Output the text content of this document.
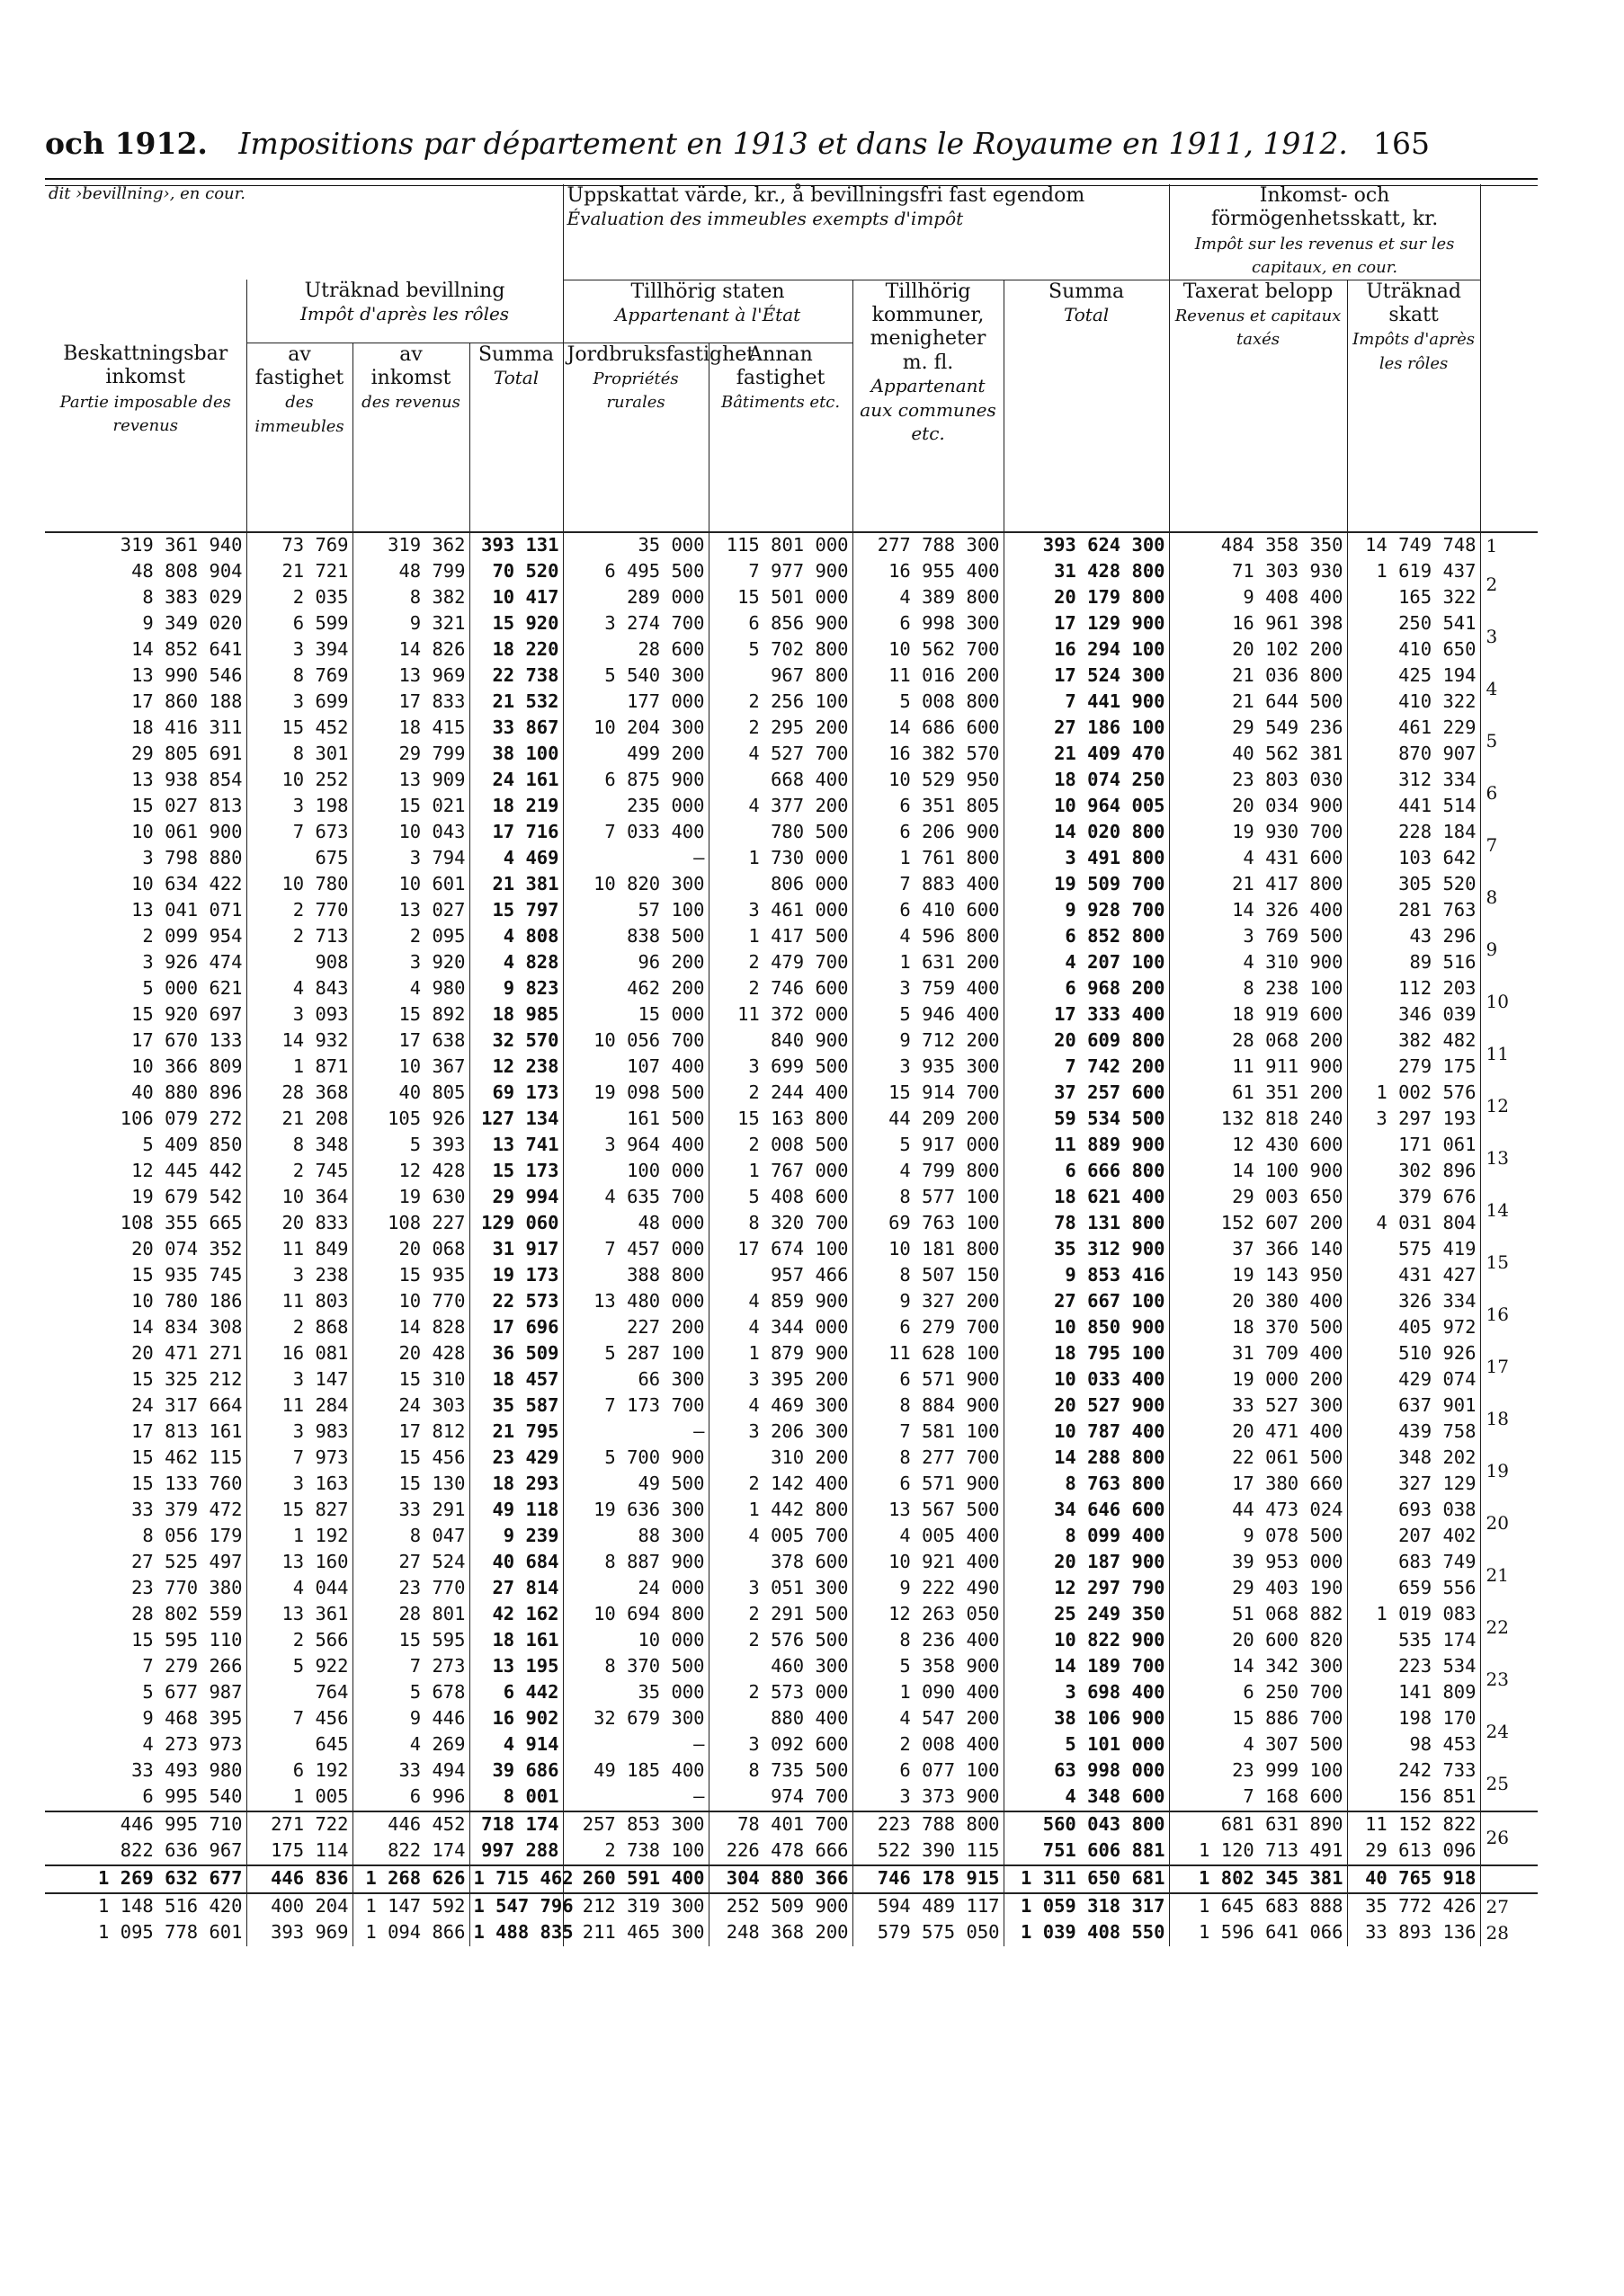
och 1912. Impositions par département en 1913 et dans le Royaume en 1911, 1912. 165
dit ›bevillning›, en cour.				Uppskattat värde, kr., å bevillningsfri fast egendom
Évaluation des immeubles exempts d'impôt				Inkomst- och förmögenhetsskatt, kr.
Impôt sur les revenus et sur les capitaux, en cour.		
	Uträknad bevillning
Impôt d'après les rôles			Tillhörig staten
Appartenant à l'État		Tillhörig kommuner, menigheter m. fl.
Appartenant aux communes etc.	Summa
Total	Taxerat belopp
Revenus et capitaux taxés	Uträknad skatt
Impôts d'après les rôles	
Beskattningsbar inkomst
Partie imposable des revenus	av fastighet
des immeubles	av inkomst
des revenus	Summa
Total	Jordbruksfastighet
Propriétés rurales	Annan fastighet
Bâtiments etc.					
319 361 940	73 769	319 362	393 131	35 000	115 801 000	277 788 300	393 624 300	484 358 350	14 749 748	1
48 808 904	21 721	48 799	70 520	6 495 500	7 977 900	16 955 400	31 428 800	71 303 930	1 619 437	2
8 383 029	2 035	8 382	10 417	289 000	15 501 000	4 389 800	20 179 800	9 408 400	165 322	
9 349 020	6 599	9 321	15 920	3 274 700	6 856 900	6 998 300	17 129 900	16 961 398	250 541	3
14 852 641	3 394	14 826	18 220	28 600	5 702 800	10 562 700	16 294 100	20 102 200	410 650	
13 990 546	8 769	13 969	22 738	5 540 300	967 800	11 016 200	17 524 300	21 036 800	425 194	4
17 860 188	3 699	17 833	21 532	177 000	2 256 100	5 008 800	7 441 900	21 644 500	410 322	
18 416 311	15 452	18 415	33 867	10 204 300	2 295 200	14 686 600	27 186 100	29 549 236	461 229	5
29 805 691	8 301	29 799	38 100	499 200	4 527 700	16 382 570	21 409 470	40 562 381	870 907	
13 938 854	10 252	13 909	24 161	6 875 900	668 400	10 529 950	18 074 250	23 803 030	312 334	6
15 027 813	3 198	15 021	18 219	235 000	4 377 200	6 351 805	10 964 005	20 034 900	441 514	
10 061 900	7 673	10 043	17 716	7 033 400	780 500	6 206 900	14 020 800	19 930 700	228 184	7
3 798 880	675	3 794	4 469	—	1 730 000	1 761 800	3 491 800	4 431 600	103 642	
10 634 422	10 780	10 601	21 381	10 820 300	806 000	7 883 400	19 509 700	21 417 800	305 520	8
13 041 071	2 770	13 027	15 797	57 100	3 461 000	6 410 600	9 928 700	14 326 400	281 763	
2 099 954	2 713	2 095	4 808	838 500	1 417 500	4 596 800	6 852 800	3 769 500	43 296	9
3 926 474	908	3 920	4 828	96 200	2 479 700	1 631 200	4 207 100	4 310 900	89 516	
5 000 621	4 843	4 980	9 823	462 200	2 746 600	3 759 400	6 968 200	8 238 100	112 203	10
15 920 697	3 093	15 892	18 985	15 000	11 372 000	5 946 400	17 333 400	18 919 600	346 039	
17 670 133	14 932	17 638	32 570	10 056 700	840 900	9 712 200	20 609 800	28 068 200	382 482	11
10 366 809	1 871	10 367	12 238	107 400	3 699 500	3 935 300	7 742 200	11 911 900	279 175	
40 880 896	28 368	40 805	69 173	19 098 500	2 244 400	15 914 700	37 257 600	61 351 200	1 002 576	12
106 079 272	21 208	105 926	127 134	161 500	15 163 800	44 209 200	59 534 500	132 818 240	3 297 193	
5 409 850	8 348	5 393	13 741	3 964 400	2 008 500	5 917 000	11 889 900	12 430 600	171 061	13
12 445 442	2 745	12 428	15 173	100 000	1 767 000	4 799 800	6 666 800	14 100 900	302 896	
19 679 542	10 364	19 630	29 994	4 635 700	5 408 600	8 577 100	18 621 400	29 003 650	379 676	14
108 355 665	20 833	108 227	129 060	48 000	8 320 700	69 763 100	78 131 800	152 607 200	4 031 804	
20 074 352	11 849	20 068	31 917	7 457 000	17 674 100	10 181 800	35 312 900	37 366 140	575 419	15
15 935 745	3 238	15 935	19 173	388 800	957 466	8 507 150	9 853 416	19 143 950	431 427	
10 780 186	11 803	10 770	22 573	13 480 000	4 859 900	9 327 200	27 667 100	20 380 400	326 334	16
14 834 308	2 868	14 828	17 696	227 200	4 344 000	6 279 700	10 850 900	18 370 500	405 972	
20 471 271	16 081	20 428	36 509	5 287 100	1 879 900	11 628 100	18 795 100	31 709 400	510 926	17
15 325 212	3 147	15 310	18 457	66 300	3 395 200	6 571 900	10 033 400	19 000 200	429 074	
24 317 664	11 284	24 303	35 587	7 173 700	4 469 300	8 884 900	20 527 900	33 527 300	637 901	18
17 813 161	3 983	17 812	21 795	—	3 206 300	7 581 100	10 787 400	20 471 400	439 758	
15 462 115	7 973	15 456	23 429	5 700 900	310 200	8 277 700	14 288 800	22 061 500	348 202	19
15 133 760	3 163	15 130	18 293	49 500	2 142 400	6 571 900	8 763 800	17 380 660	327 129	
33 379 472	15 827	33 291	49 118	19 636 300	1 442 800	13 567 500	34 646 600	44 473 024	693 038	20
8 056 179	1 192	8 047	9 239	88 300	4 005 700	4 005 400	8 099 400	9 078 500	207 402	
27 525 497	13 160	27 524	40 684	8 887 900	378 600	10 921 400	20 187 900	39 953 000	683 749	21
23 770 380	4 044	23 770	27 814	24 000	3 051 300	9 222 490	12 297 790	29 403 190	659 556	
28 802 559	13 361	28 801	42 162	10 694 800	2 291 500	12 263 050	25 249 350	51 068 882	1 019 083	22
15 595 110	2 566	15 595	18 161	10 000	2 576 500	8 236 400	10 822 900	20 600 820	535 174	
7 279 266	5 922	7 273	13 195	8 370 500	460 300	5 358 900	14 189 700	14 342 300	223 534	23
5 677 987	764	5 678	6 442	35 000	2 573 000	1 090 400	3 698 400	6 250 700	141 809	
9 468 395	7 456	9 446	16 902	32 679 300	880 400	4 547 200	38 106 900	15 886 700	198 170	24
4 273 973	645	4 269	4 914	—	3 092 600	2 008 400	5 101 000	4 307 500	98 453	
33 493 980	6 192	33 494	39 686	49 185 400	8 735 500	6 077 100	63 998 000	23 999 100	242 733	25
6 995 540	1 005	6 996	8 001	—	974 700	3 373 900	4 348 600	7 168 600	156 851	
446 995 710	271 722	446 452	718 174	257 853 300	78 401 700	223 788 800	560 043 800	681 631 890	11 152 822	26
822 636 967	175 114	822 174	997 288	2 738 100	226 478 666	522 390 115	751 606 881	1 120 713 491	29 613 096	
1 269 632 677	446 836	1 268 626	1 715 462	260 591 400	304 880 366	746 178 915	1 311 650 681	1 802 345 381	40 765 918	
1 148 516 420	400 204	1 147 592	1 547 796	212 319 300	252 509 900	594 489 117	1 059 318 317	1 645 683 888	35 772 426	27
1 095 778 601	393 969	1 094 866	1 488 835	211 465 300	248 368 200	579 575 050	1 039 408 550	1 596 641 066	33 893 136	28
